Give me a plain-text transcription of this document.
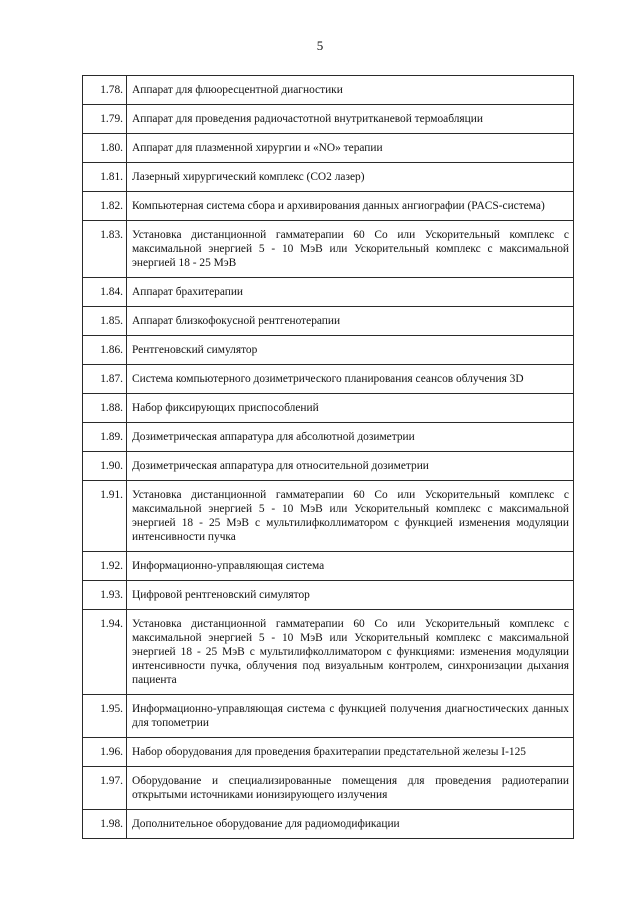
5
1.78.	Аппарат для флюоресцентной диагностики
1.79.	Аппарат для проведения радиочастотной внутритканевой термоабляции
1.80.	Аппарат для плазменной хирургии и «NO» терапии
1.81.	Лазерный хирургический комплекс (СО2 лазер)
1.82.	Компьютерная система сбора и архивирования данных ангиографии (PACS-система)
1.83.	Установка дистанционной гамматерапии 60 Со или Ускорительный комплекс с максимальной энергией 5 - 10 МэВ или Ускорительный комплекс с максимальной энергией 18 - 25 МэВ
1.84.	Аппарат брахитерапии
1.85.	Аппарат близкофокусной рентгенотерапии
1.86.	Рентгеновский симулятор
1.87.	Система компьютерного дозиметрического планирования сеансов облучения 3D
1.88.	Набор фиксирующих приспособлений
1.89.	Дозиметрическая аппаратура для абсолютной дозиметрии
1.90.	Дозиметрическая аппаратура для относительной дозиметрии
1.91.	Установка дистанционной гамматерапии 60 Со или Ускорительный комплекс с максимальной энергией 5 - 10 МэВ или Ускорительный комплекс с максимальной энергией 18 - 25 МэВ с мультилифколлиматором с функцией изменения модуляции интенсивности пучка
1.92.	Информационно-управляющая система
1.93.	Цифровой рентгеновский симулятор
1.94.	Установка дистанционной гамматерапии 60 Со или Ускорительный комплекс с максимальной энергией 5 - 10 МэВ или Ускорительный комплекс с максимальной энергией 18 - 25 МэВ с мультилифколлиматором с функциями: изменения модуляции интенсивности пучка, облучения под визуальным контролем, синхронизации дыхания пациента
1.95.	Информационно-управляющая система с функцией получения диагностических данных для топометрии
1.96.	Набор оборудования для проведения брахитерапии предстательной железы I-125
1.97.	Оборудование и специализированные помещения для проведения радиотерапии открытыми источниками ионизирующего излучения
1.98.	Дополнительное оборудование для радиомодификации
